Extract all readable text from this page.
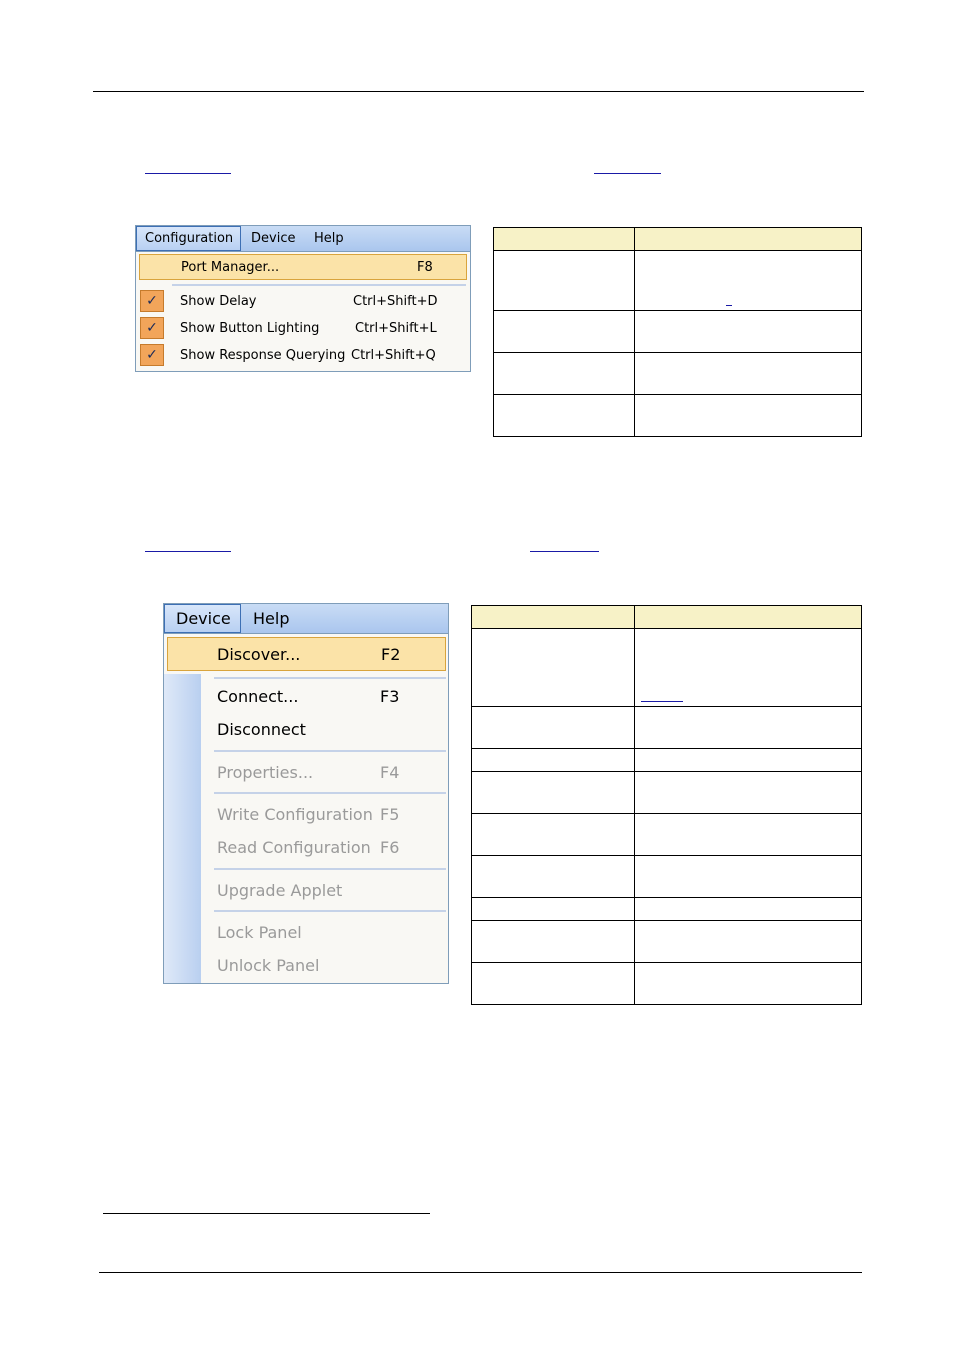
Configuration	Device Help
Port Manager...	F8
✓	Show Delay	Ctrl+Shift+D
✓	Show Button Lighting	Ctrl+Shift+L
✓	Show Response Querying Ctrl+Shift+Q

Device	Help
Discover...	F2
Connect...	F3
Disconnect
Properties...	F4
Write Configuration F5
Read Configuration F6
Upgrade Applet
Lock Panel
Unlock Panel
